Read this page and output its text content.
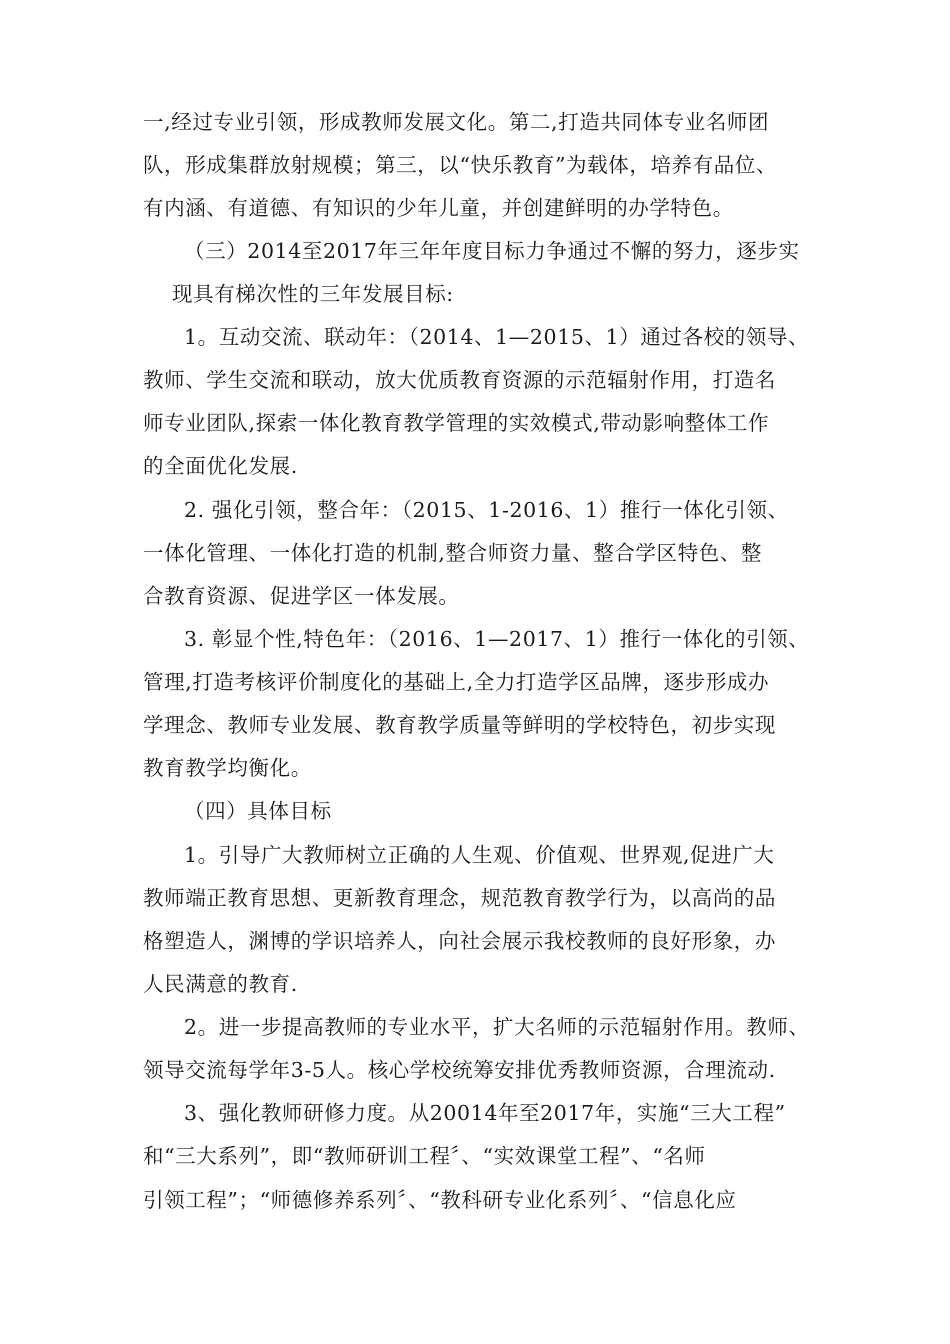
一,经过专业引领，形成教师发展文化。第二,打造共同体专业名师团
队，形成集群放射规模；第三，以“快乐教育”为载体，培养有品位、
有内涵、有道德、有知识的少年儿童，并创建鲜明的办学特色。
（三）2014至2017年三年年度目标力争通过不懈的努力，逐步实
现具有梯次性的三年发展目标:
1。互动交流、联动年：（2014、1—2015、1）通过各校的领导、
教师、学生交流和联动，放大优质教育资源的示范辐射作用，打造名
师专业团队,探索一体化教育教学管理的实效模式,带动影响整体工作
的全面优化发展.
2. 强化引领，整合年：（2015、1-2016、1）推行一体化引领、
一体化管理、一体化打造的机制,整合师资力量、整合学区特色、整
合教育资源、促进学区一体发展。
3. 彰显个性,特色年：（2016、1—2017、1）推行一体化的引领、
管理,打造考核评价制度化的基础上,全力打造学区品牌，逐步形成办
学理念、教师专业发展、教育教学质量等鲜明的学校特色，初步实现
教育教学均衡化。
（四）具体目标
1。引导广大教师树立正确的人生观、价值观、世界观,促进广大
教师端正教育思想、更新教育理念，规范教育教学行为，以高尚的品
格塑造人，渊博的学识培养人，向社会展示我校教师的良好形象，办
人民满意的教育.
2。进一步提高教师的专业水平，扩大名师的示范辐射作用。教师、
领导交流每学年3-5人。核心学校统筹安排优秀教师资源，合理流动.
3、强化教师研修力度。从20014年至2017年，实施“三大工程”
和“三大系列”，即“教师研训工程〞、“实效课堂工程”、“名师
引领工程”；“师德修养系列〞、“教科研专业化系列〞、“信息化应
